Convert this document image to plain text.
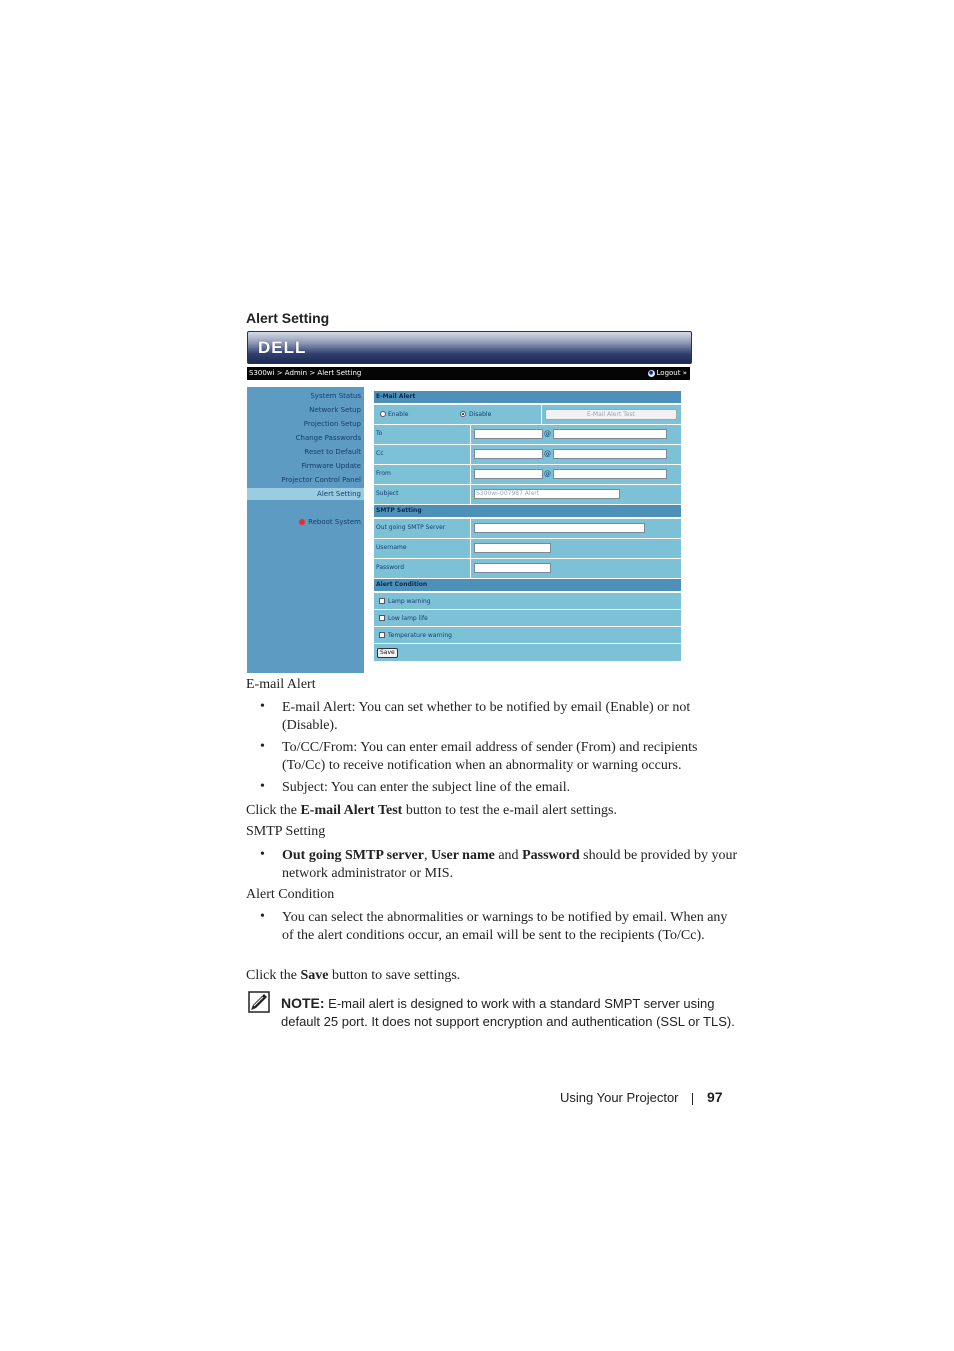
Alert Setting
DELL
S300wi > Admin > Alert Setting	● Logout »
System Status
Network Setup
Projection Setup
Change Passwords
Reset to Default
Firmware Update
Projector Control Panel
Alert Setting
Reboot System
E-Mail Alert
Enable	Disable	E-Mail Alert Test
To	@
Cc	@
From	@
Subject	S300wi-007987 Alert
SMTP Setting
Out going SMTP Server
Username
Password
Alert Condition
Lamp warning
Low lamp life
Temperature warning
Save
E-mail Alert
• E-mail Alert: You can set whether to be notified by email (Enable) or not (Disable).
• To/CC/From: You can enter email address of sender (From) and recipients (To/Cc) to receive notification when an abnormality or warning occurs.
• Subject: You can enter the subject line of the email.
Click the E-mail Alert Test button to test the e-mail alert settings.
SMTP Setting
• Out going SMTP server, User name and Password should be provided by your network administrator or MIS.
Alert Condition
• You can select the abnormalities or warnings to be notified by email. When any of the alert conditions occur, an email will be sent to the recipients (To/Cc).
Click the Save button to save settings.
NOTE: E-mail alert is designed to work with a standard SMPT server using default 25 port. It does not support encryption and authentication (SSL or TLS).
Using Your Projector 97
